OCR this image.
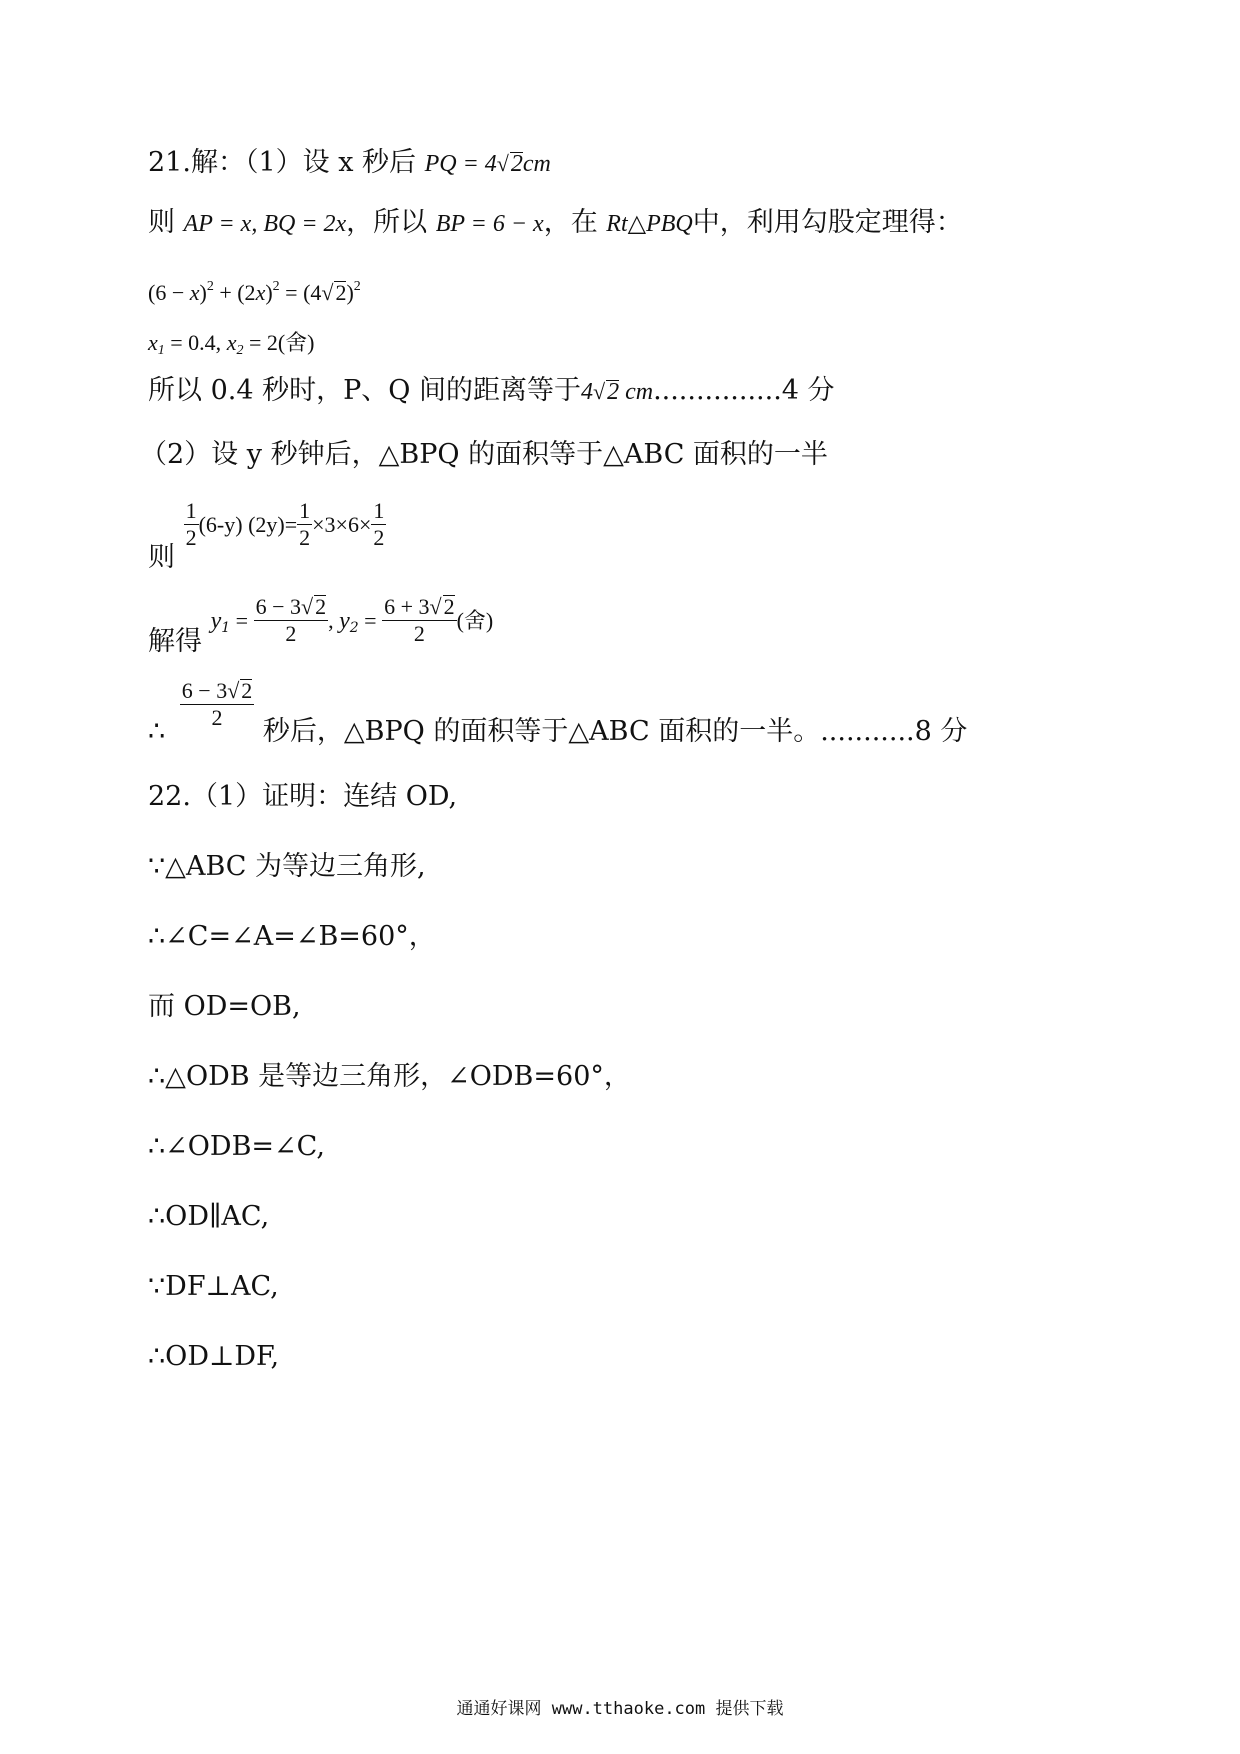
21.解：（1）设 x 秒后 PQ = 4√2cm
则 AP = x, BQ = 2x，所以 BP = 6 − x，在 Rt△PBQ中，利用勾股定理得：
$(6 - x)^2 + (2x)^2 = (4√2)^2$
$x_1 = 0.4$, $x_2 = 2$(舍)
所以 0.4 秒时，P、Q 间的距离等于4√2 cm...............4 分
（2）设 y 秒钟后，△BPQ 的面积等于△ABC 面积的一半
则
$\frac{1}{2} (6-y)$ $(2y)= \frac{1}{2} \times 3\times 6\times \frac{1}{2}$
解得 $y_1 = \frac{6 - 3√2}{2}$ , $y_2 = \frac{6 + 3√2}{2}$ (舍)
∴
$\frac{6 - 3√2}{2}$
秒后，△BPQ 的面积等于△ABC 面积的一半。...........8 分
22.（1）证明：连结 OD,
∵△ABC 为等边三角形,
∴∠C=∠A=∠B=60°，
而 OD=OB,
∴△ODB 是等边三角形，∠ODB=60°，
∴∠ODB=∠C,
∴OD∥AC,
∵DF⊥AC,
∴OD⊥DF,
通通好课网 www.tthaoke.com 提供下载
